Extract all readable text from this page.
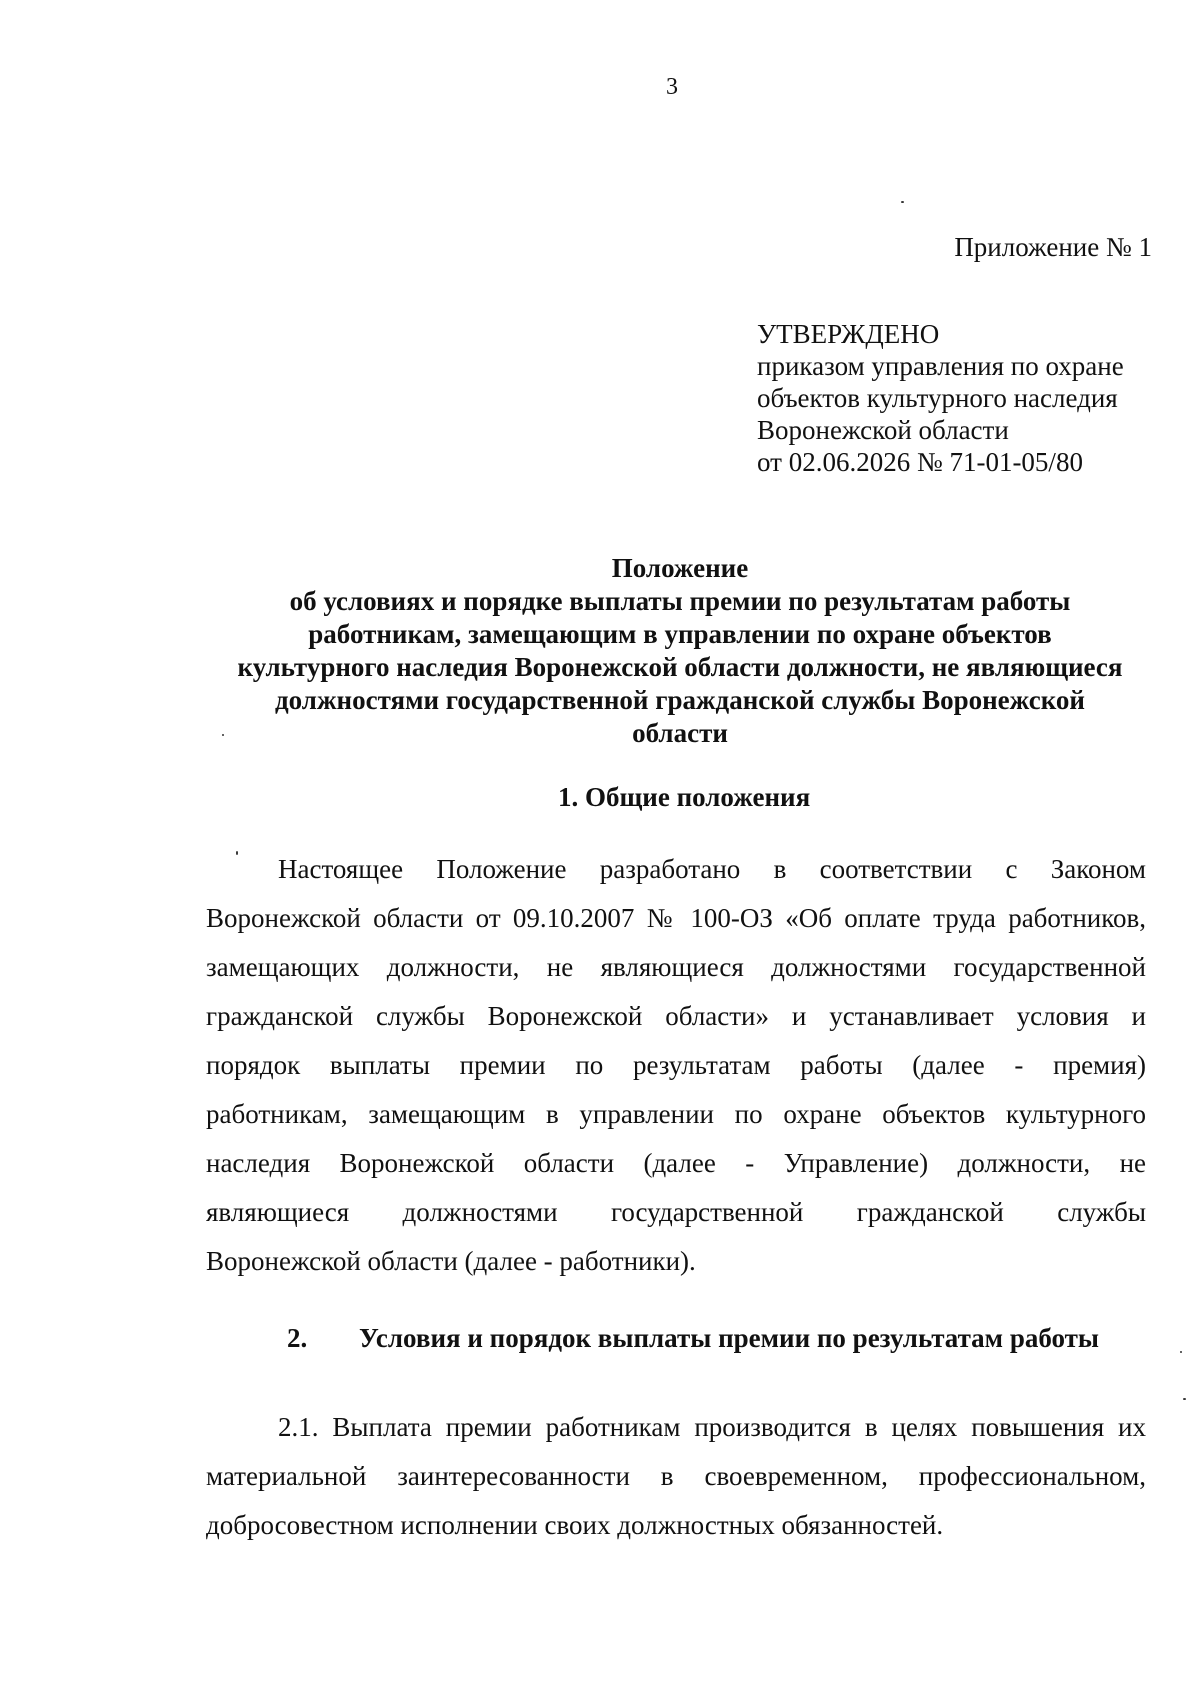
3
Приложение № 1
УТВЕРЖДЕНО
приказом управления по охране
объектов культурного наследия
Воронежской области
от 02.06.2026 № 71-01-05/80
Положение
об условиях и порядке выплаты премии по результатам работы
работникам, замещающим в управлении по охране объектов
культурного наследия Воронежской области должности, не являющиеся
должностями государственной гражданской службы Воронежской
области
1. Общие положения
Настоящее Положение разработано в соответствии с Законом
Воронежской области от 09.10.2007 № 100-ОЗ «Об оплате труда работников,
замещающих должности, не являющиеся должностями государственной
гражданской службы Воронежской области» и устанавливает условия и
порядок выплаты премии по результатам работы (далее - премия)
работникам, замещающим в управлении по охране объектов культурного
наследия Воронежской области (далее - Управление) должности, не
являющиеся должностями государственной гражданской службы
Воронежской области (далее - работники).
2. Условия и порядок выплаты премии по результатам работы
2.1. Выплата премии работникам производится в целях повышения их
материальной заинтересованности в своевременном, профессиональном,
добросовестном исполнении своих должностных обязанностей.
